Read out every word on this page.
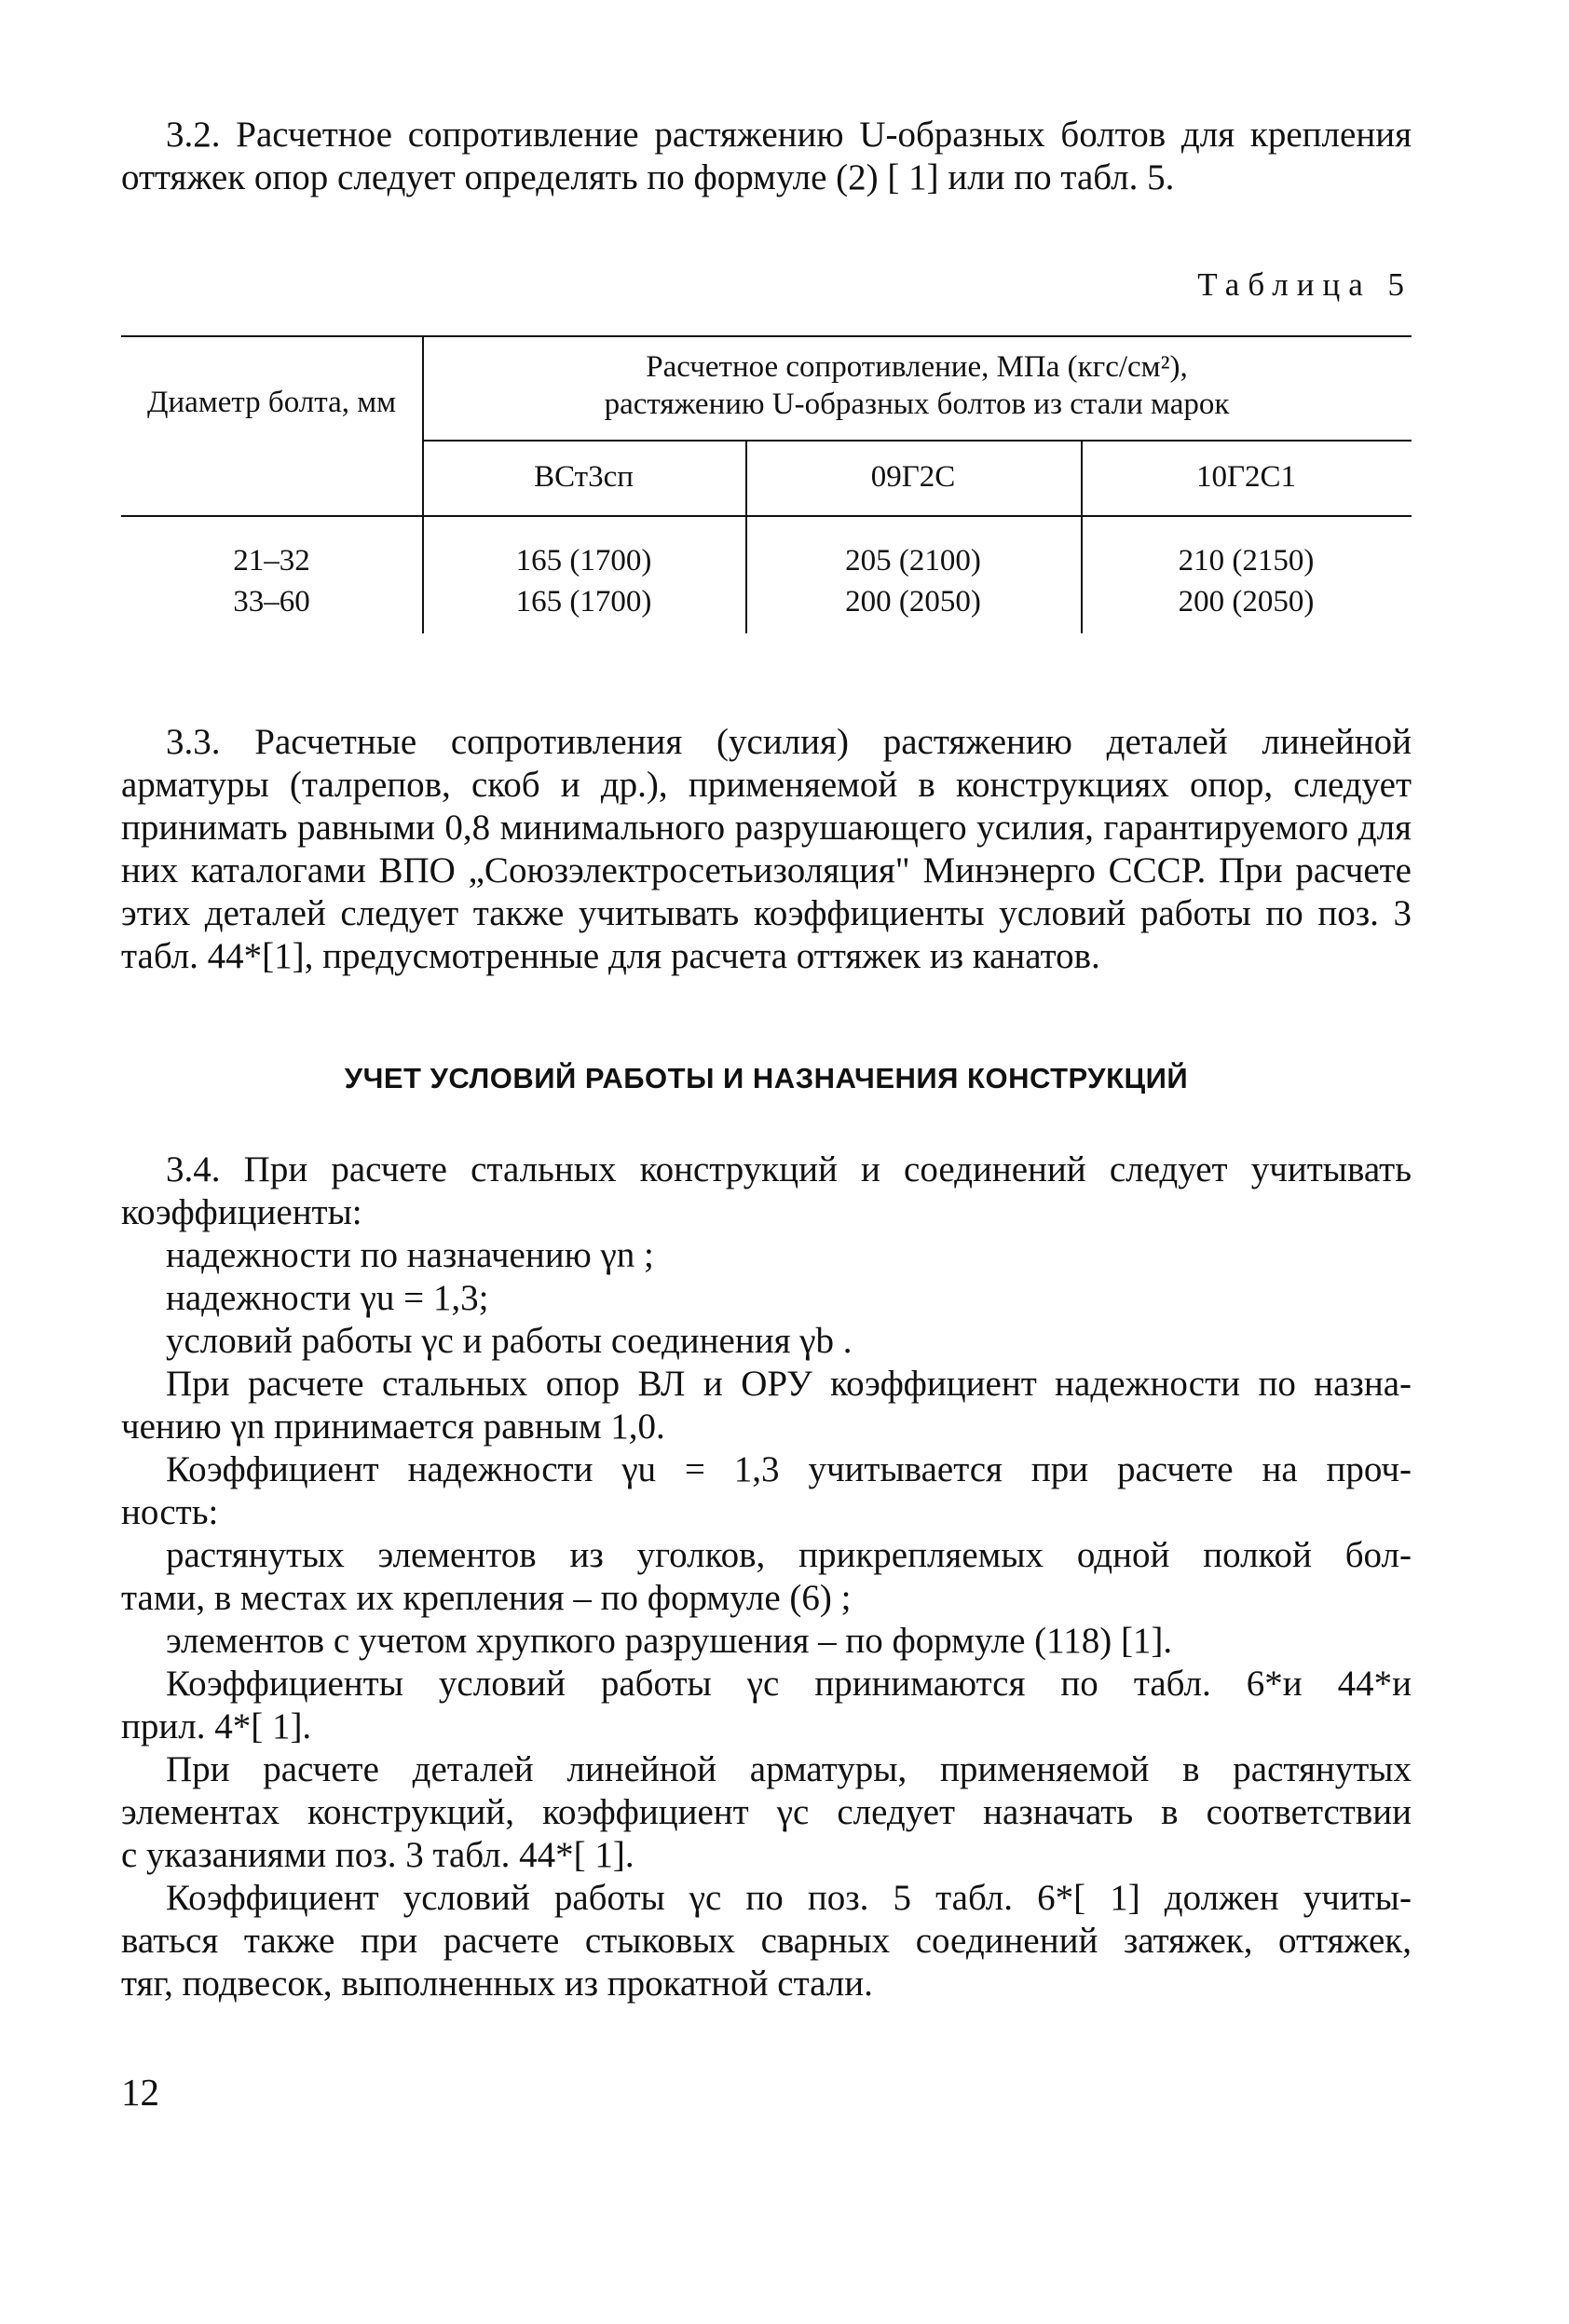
3.2. Расчетное сопротивление растяжению U-образных болтов для крепления оттяжек опор следует определять по формуле (2) [ 1] или по табл. 5.

Таблица 5
Диаметр болта, мм
Расчетное сопротивление, МПа (кгс/см²),
растяжению U-образных болтов из стали марок
ВСт3сп	09Г2С	10Г2С1
21–32	165 (1700)	205 (2100)	210 (2150)
33–60	165 (1700)	200 (2050)	200 (2050)

3.3. Расчетные сопротивления (усилия) растяжению деталей линейной арматуры (талрепов, скоб и др.), применяемой в конструкциях опор, следует принимать равными 0,8 минимального разрушающего усилия, гарантируемого для них каталогами ВПО „Союзэлектросетьизоляция" Минэнерго СССР. При расчете этих деталей следует также учитывать коэффициенты условий работы по поз. 3 табл. 44*[1], предусмотренные для расчета оттяжек из канатов.

УЧЕТ УСЛОВИЙ РАБОТЫ И НАЗНАЧЕНИЯ КОНСТРУКЦИЙ
3.4. При расчете стальных конструкций и соединений следует учитывать
коэффициенты:
надежности по назначению γn ;
надежности γu = 1,3;
условий работы γc и работы соединения γb .
При расчете стальных опор ВЛ и ОРУ коэффициент надежности по назна-
чению γn принимается равным 1,0.
Коэффициент надежности γu = 1,3 учитывается при расчете на проч-
ность:
растянутых элементов из уголков, прикрепляемых одной полкой бол-
тами, в местах их крепления – по формуле (6) ;
элементов с учетом хрупкого разрушения – по формуле (118) [1].
Коэффициенты условий работы γc принимаются по табл. 6*и 44*и
прил. 4*[ 1].
При расчете деталей линейной арматуры, применяемой в растянутых
элементах конструкций, коэффициент γc следует назначать в соответствии
с указаниями поз. 3 табл. 44*[ 1].
Коэффициент условий работы γc по поз. 5 табл. 6*[ 1] должен учиты-
ваться также при расчете стыковых сварных соединений затяжек, оттяжек,
тяг, подвесок, выполненных из прокатной стали.
12
